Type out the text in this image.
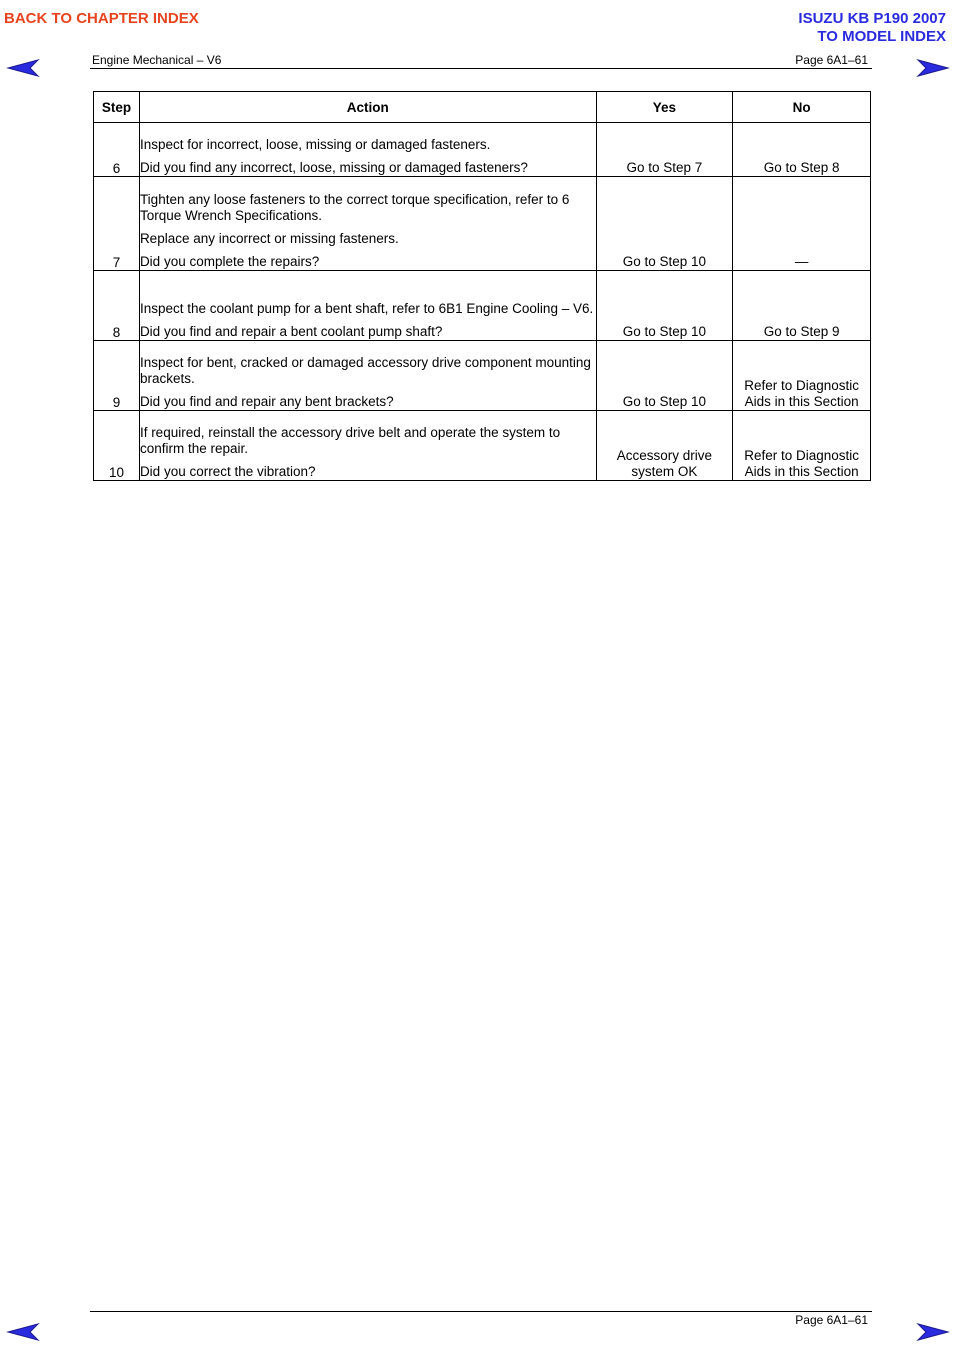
BACK TO CHAPTER INDEX	ISUZU KB P190 2007
TO MODEL INDEX
Engine Mechanical – V6	Page 6A1–61
Step	Action	Yes	No
6	Inspect for incorrect, loose, missing or damaged fasteners.

Did you find any incorrect, loose, missing or damaged fasteners?	Go to Step 7	Go to Step 8
7	Tighten any loose fasteners to the correct torque specification, refer to 6 Torque Wrench Specifications.

Replace any incorrect or missing fasteners.

Did you complete the repairs?	Go to Step 10	—
8	Inspect the coolant pump for a bent shaft, refer to 6B1 Engine Cooling – V6.

Did you find and repair a bent coolant pump shaft?	Go to Step 10	Go to Step 9
9	Inspect for bent, cracked or damaged accessory drive component mounting brackets.

Did you find and repair any bent brackets?	Go to Step 10	Refer to Diagnostic Aids in this Section
10	If required, reinstall the accessory drive belt and operate the system to confirm the repair.

Did you correct the vibration?	Accessory drive system OK	Refer to Diagnostic Aids in this Section
Page 6A1–61
